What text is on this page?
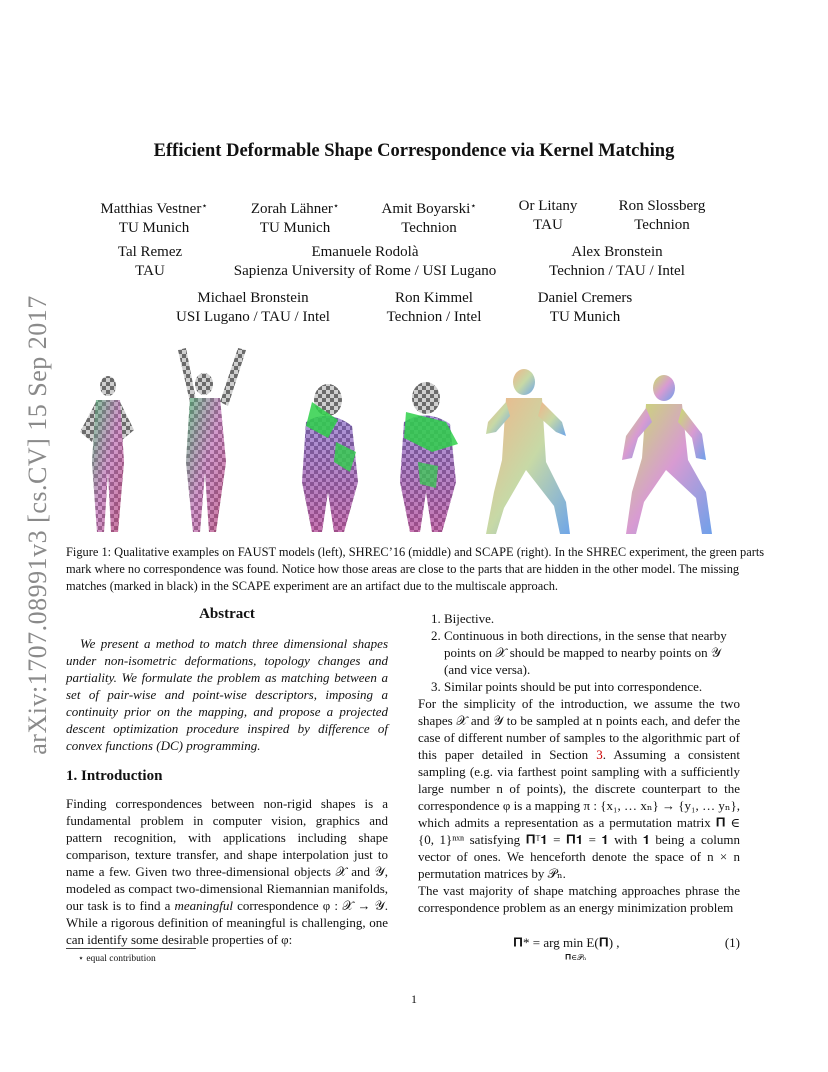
arXiv:1707.08991v3 [cs.CV] 15 Sep 2017
Efficient Deformable Shape Correspondence via Kernel Matching
Matthias Vestner⋆
TU Munich
Zorah Lähner⋆
TU Munich
Amit Boyarski⋆
Technion
Or Litany
TAU
Ron Slossberg
Technion
Tal Remez
TAU
Emanuele Rodolà
Sapienza University of Rome / USI Lugano
Alex Bronstein
Technion / TAU / Intel
Michael Bronstein
USI Lugano / TAU / Intel
Ron Kimmel
Technion / Intel
Daniel Cremers
TU Munich
Figure 1: Qualitative examples on FAUST models (left), SHREC’16 (middle) and SCAPE (right). In the SHREC experiment, the green parts mark where no correspondence was found. Notice how those areas are close to the parts that are hidden in the other model. The missing matches (marked in black) in the SCAPE experiment are an artifact due to the multiscale approach.
Abstract

We present a method to match three dimensional shapes under non-isometric deformations, topology changes and partiality. We formulate the problem as matching between a set of pair-wise and point-wise descriptors, imposing a continuity prior on the mapping, and propose a projected descent optimization procedure inspired by difference of convex functions (DC) programming.

1. Introduction

Finding correspondences between non-rigid shapes is a fundamental problem in computer vision, graphics and pattern recognition, with applications including shape comparison, texture transfer, and shape interpolation just to name a few. Given two three-dimensional objects 𝒳 and 𝒴, modeled as compact two-dimensional Riemannian manifolds, our task is to find a meaningful correspondence φ : 𝒳 → 𝒴. While a rigorous definition of meaningful is challenging, one can identify some desirable properties of φ:

⋆ equal contribution
1. Bijective.
2. Continuous in both directions, in the sense that nearby points on 𝒳 should be mapped to nearby points on 𝒴 (and vice versa).
3. Similar points should be put into correspondence.

For the simplicity of the introduction, we assume the two shapes 𝒳 and 𝒴 to be sampled at n points each, and defer the case of different number of samples to the algorithmic part of this paper detailed in Section 3. Assuming a consistent sampling (e.g. via farthest point sampling with a sufficiently large number n of points), the discrete counterpart to the correspondence φ is a mapping π : {x₁, … xₙ} → {y₁, … yₙ}, which admits a representation as a permutation matrix 𝚷 ∈ {0, 1}ⁿˣⁿ satisfying 𝚷ᵀ𝟏 = 𝚷𝟏 = 𝟏 with 𝟏 being a column vector of ones. We henceforth denote the space of n × n permutation matrices by 𝒫ₙ.

The vast majority of shape matching approaches phrase the correspondence problem as an energy minimization problem

𝚷* = arg min E(𝚷) ,
𝚷∈𝒫ₙ
(1)
1
